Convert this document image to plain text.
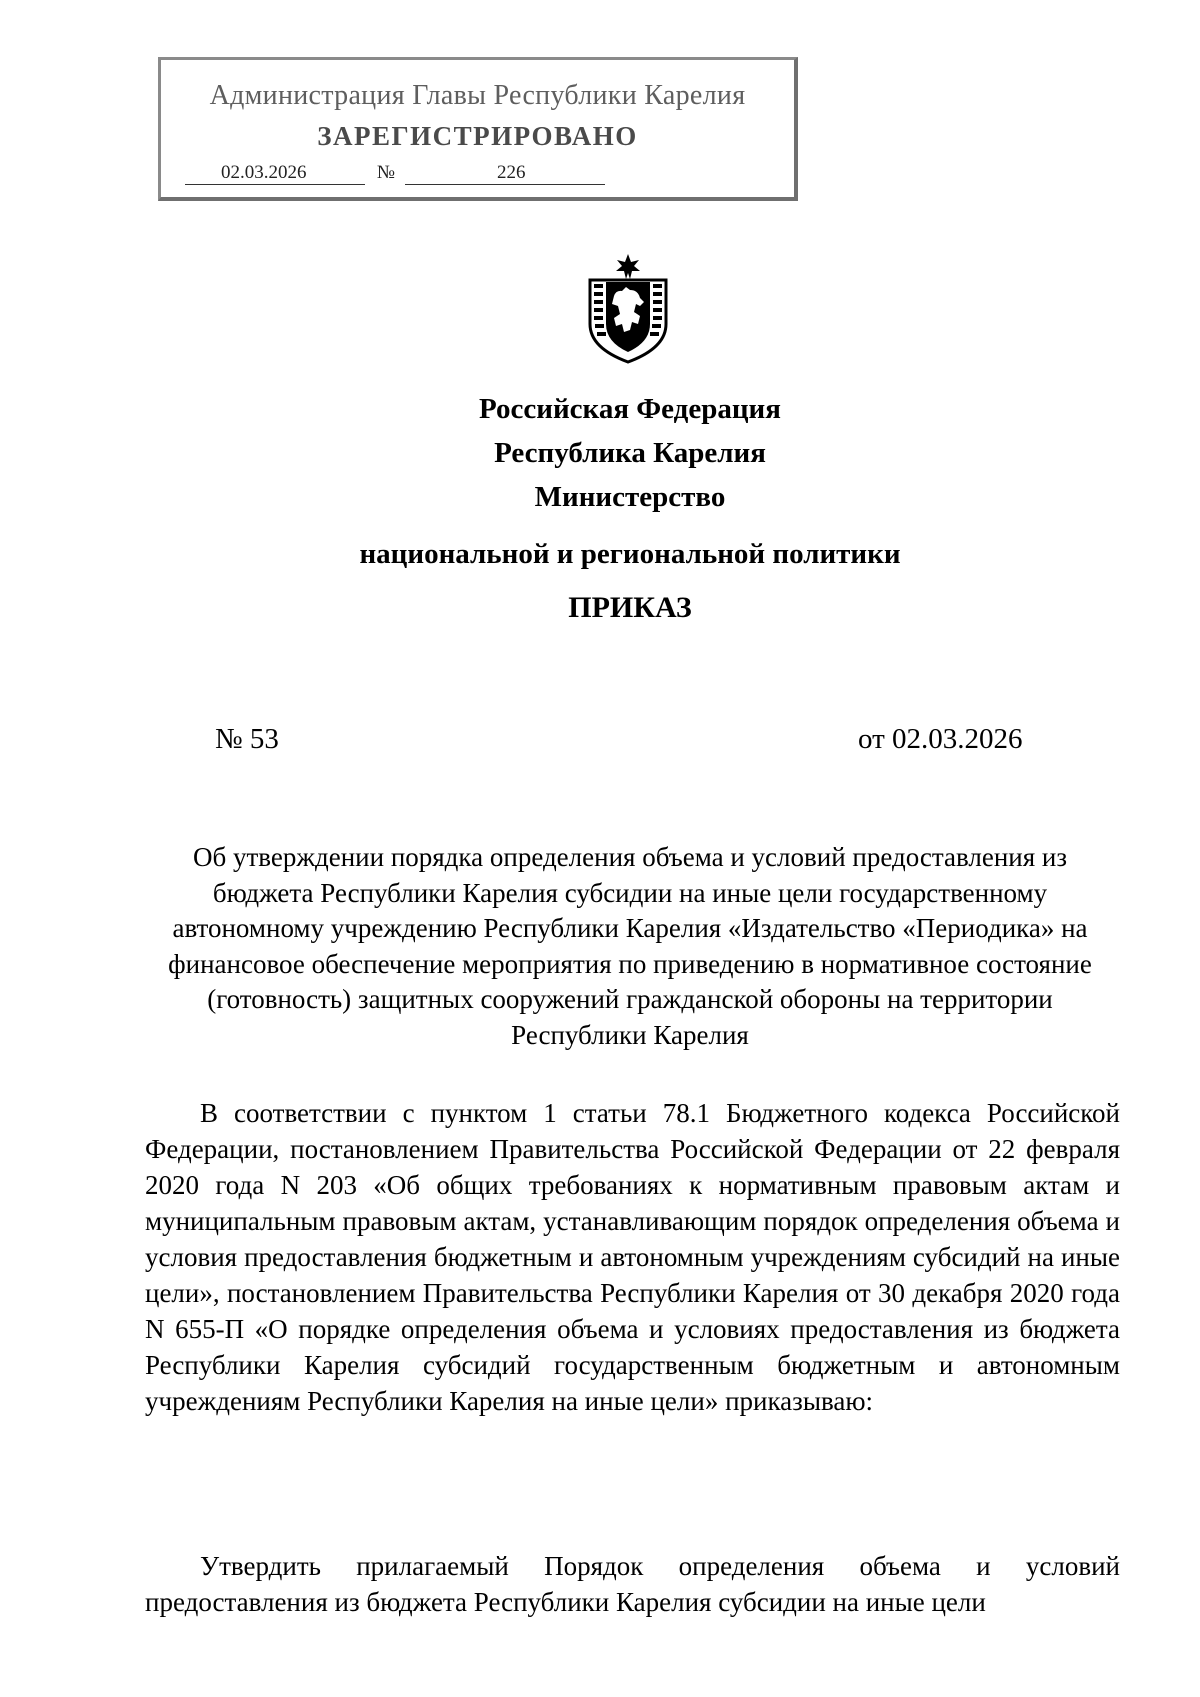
Администрация Главы Республики Карелия
ЗАРЕГИСТРИРОВАНО
02.03.2026	№	226
Российская Федерация
Республика Карелия
Министерство
национальной и региональной политики
ПРИКАЗ
№ 53	от 02.03.2026
Об утверждении порядка определения объема и условий предоставления из бюджета Республики Карелия субсидии на иные цели государственному автономному учреждению Республики Карелия «Издательство «Периодика» на финансовое обеспечение мероприятия по приведению в нормативное состояние (готовность) защитных сооружений гражданской обороны на территории Республики Карелия
В соответствии с пунктом 1 статьи 78.1 Бюджетного кодекса Российской Федерации, постановлением Правительства Российской Федерации от 22 февраля 2020 года N 203 «Об общих требованиях к нормативным правовым актам и муниципальным правовым актам, устанавливающим порядок определения объема и условия предоставления бюджетным и автономным учреждениям субсидий на иные цели», постановлением Правительства Республики Карелия от 30 декабря 2020 года N 655-П «О порядке определения объема и условиях предоставления из бюджета Республики Карелия субсидий государственным бюджетным и автономным учреждениям Республики Карелия на иные цели» приказываю:
Утвердить прилагаемый Порядок определения объема и условий предоставления из бюджета Республики Карелия субсидии на иные цели
